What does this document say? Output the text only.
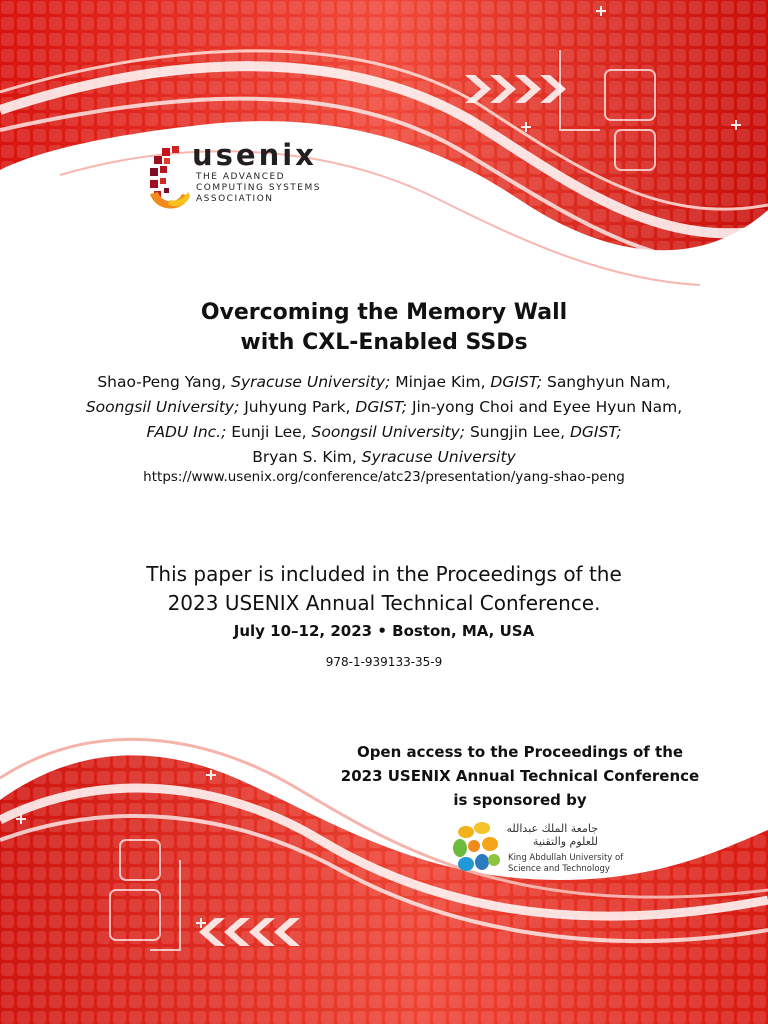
usenix
THE ADVANCED
COMPUTING SYSTEMS
ASSOCIATION
Overcoming the Memory Wall
with CXL-Enabled SSDs
Shao-Peng Yang, Syracuse University; Minjae Kim, DGIST; Sanghyun Nam,
Soongsil University; Juhyung Park, DGIST; Jin-yong Choi and Eyee Hyun Nam,
FADU Inc.; Eunji Lee, Soongsil University; Sungjin Lee, DGIST;
Bryan S. Kim, Syracuse University
https://www.usenix.org/conference/atc23/presentation/yang-shao-peng
This paper is included in the Proceedings of the
2023 USENIX Annual Technical Conference.
July 10–12, 2023 • Boston, MA, USA
978-1-939133-35-9
Open access to the Proceedings of the
2023 USENIX Annual Technical Conference
is sponsored by
جامعة الملك عبدالله
للعلوم والتقنية
King Abdullah University of
Science and Technology
